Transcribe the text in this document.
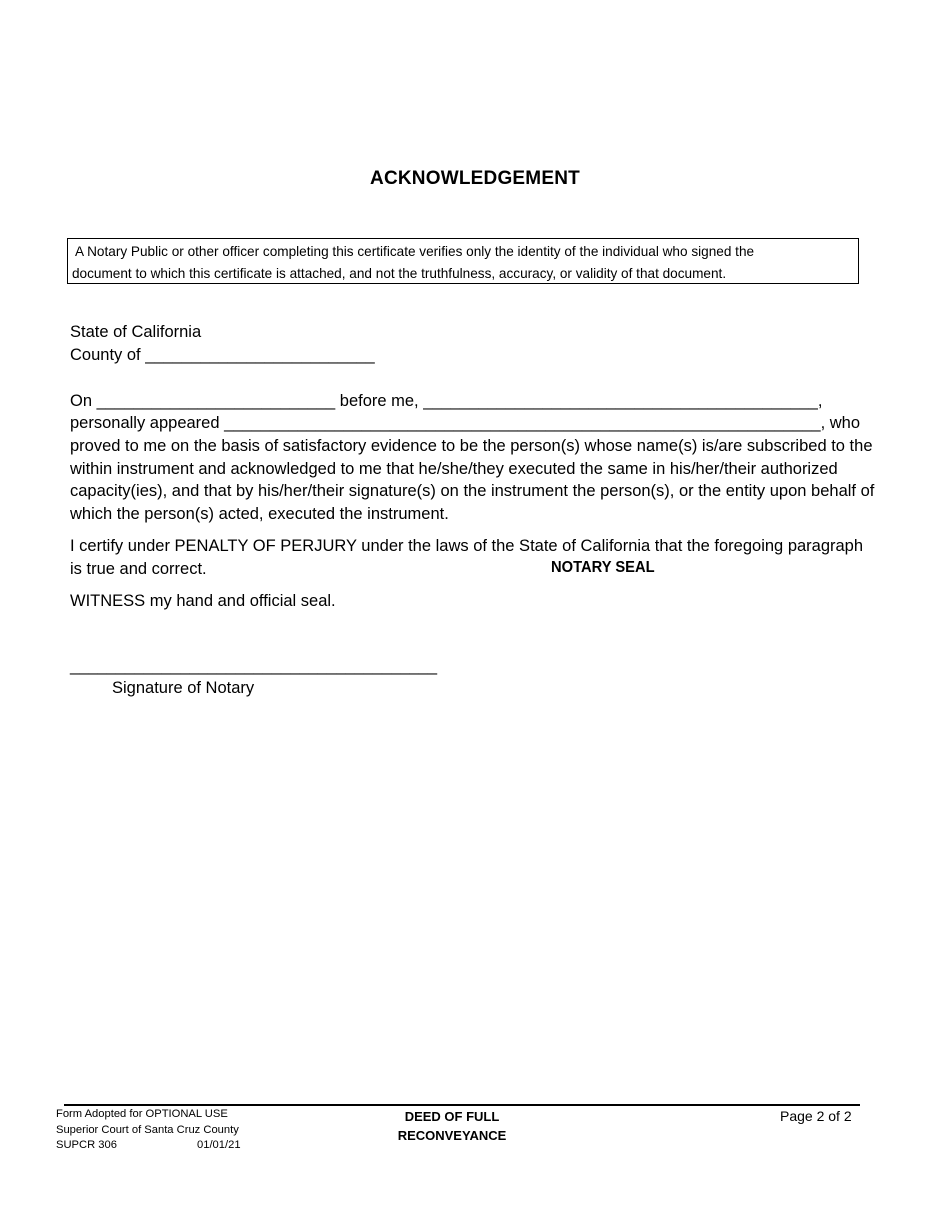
ACKNOWLEDGEMENT
A Notary Public or other officer completing this certificate verifies only the identity of the individual who signed the
document to which this certificate is attached, and not the truthfulness, accuracy, or validity of that document.
State of California
County of _________________________
On __________________________ before me, ___________________________________________,
personally appeared _________________________________________________________________, who
proved to me on the basis of satisfactory evidence to be the person(s) whose name(s) is/are subscribed to the within instrument and acknowledged to me that he/she/they executed the same in his/her/their authorized capacity(ies), and that by his/her/their signature(s) on the instrument the person(s), or the entity upon behalf of which the person(s) acted, executed the instrument.
I certify under PENALTY OF PERJURY under the laws of the State of California that the foregoing paragraph
is true and correct.	NOTARY SEAL
WITNESS my hand and official seal.
________________________________________
Signature of Notary
Form Adopted for OPTIONAL USE
Superior Court of Santa Cruz County
SUPCR 306	01/01/21
DEED OF FULL
RECONVEYANCE
Page 2 of 2
